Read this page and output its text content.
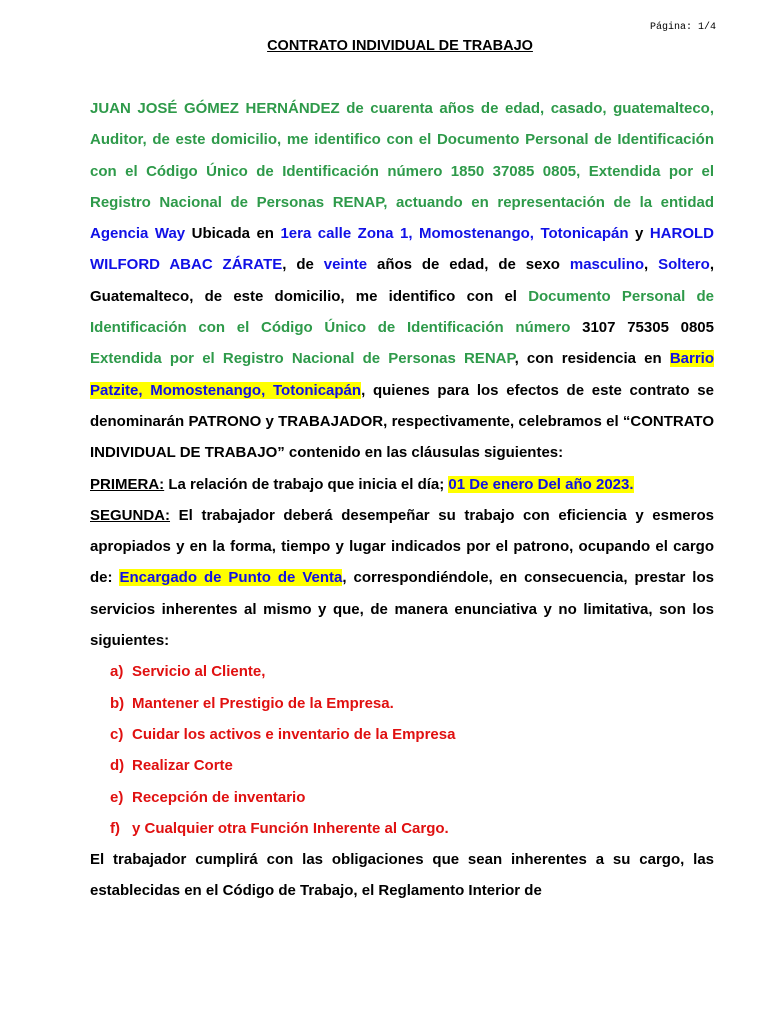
Página: 1/4
CONTRATO INDIVIDUAL DE TRABAJO

JUAN JOSÉ GÓMEZ HERNÁNDEZ de cuarenta años de edad, casado, guatemalteco, Auditor, de este domicilio, me identifico con el Documento Personal de Identificación con el Código Único de Identificación número 1850 37085 0805, Extendida por el Registro Nacional de Personas RENAP, actuando en representación de la entidad Agencia Way Ubicada en 1era calle Zona 1, Momostenango, Totonicapán y HAROLD WILFORD ABAC ZÁRATE, de veinte años de edad, de sexo masculino, Soltero, Guatemalteco, de este domicilio, me identifico con el Documento Personal de Identificación con el Código Único de Identificación número 3107 75305 0805 Extendida por el Registro Nacional de Personas RENAP, con residencia en Barrio Patzite, Momostenango, Totonicapán, quienes para los efectos de este contrato se denominarán PATRONO y TRABAJADOR, respectivamente, celebramos el “CONTRATO INDIVIDUAL DE TRABAJO” contenido en las cláusulas siguientes:

PRIMERA: La relación de trabajo que inicia el día; 01 De enero Del año 2023.

SEGUNDA: El trabajador deberá desempeñar su trabajo con eficiencia y esmeros apropiados y en la forma, tiempo y lugar indicados por el patrono, ocupando el cargo de: Encargado de Punto de Venta, correspondiéndole, en consecuencia, prestar los servicios inherentes al mismo y que, de manera enunciativa y no limitativa, son los siguientes:

a) Servicio al Cliente,
b) Mantener el Prestigio de la Empresa.
c) Cuidar los activos e inventario de la Empresa
d) Realizar Corte
e) Recepción de inventario
f) y Cualquier otra Función Inherente al Cargo.

El trabajador cumplirá con las obligaciones que sean inherentes a su cargo, las establecidas en el Código de Trabajo, el Reglamento Interior de
